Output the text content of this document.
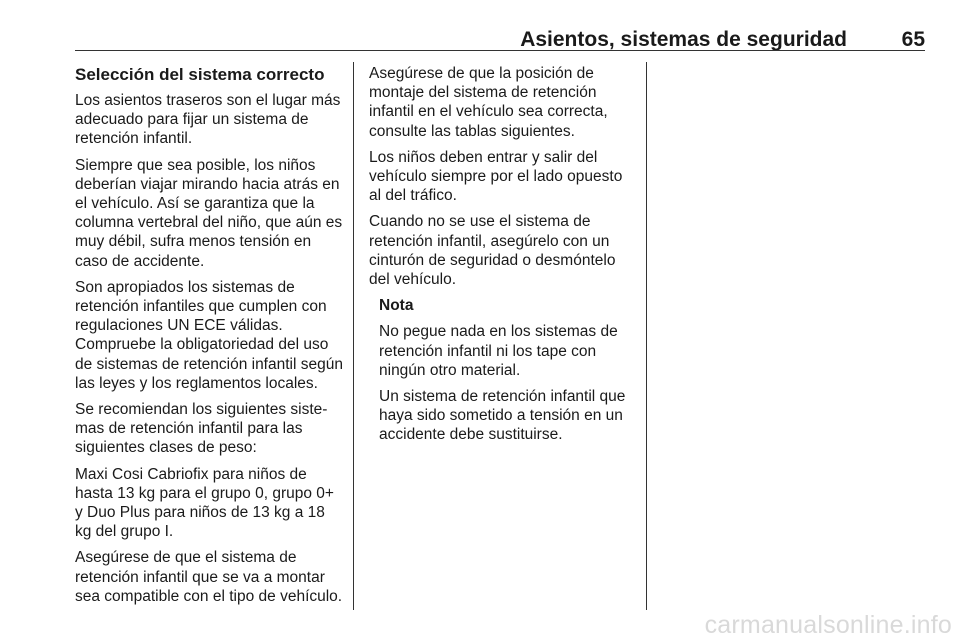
Asientos, sistemas de seguridad	65
Selección del sistema correcto

Los asientos traseros son el lugar más adecuado para fijar un sistema de retención infantil.

Siempre que sea posible, los niños deberían viajar mirando hacia atrás en el vehículo. Así se garantiza que la columna vertebral del niño, que aún es muy débil, sufra menos tensión en caso de accidente.

Son apropiados los sistemas de retención infantiles que cumplen con regulaciones UN ECE válidas. Compruebe la obligatoriedad del uso de sistemas de retención infantil según las leyes y los reglamentos locales.

Se recomiendan los siguientes siste‐mas de retención infantil para las siguientes clases de peso:

Maxi Cosi Cabriofix para niños de hasta 13 kg para el grupo 0, grupo 0+ y Duo Plus para niños de 13 kg a 18 kg del grupo I.

Asegúrese de que el sistema de retención infantil que se va a montar sea compatible con el tipo de vehículo.

Asegúrese de que la posición de montaje del sistema de retención infantil en el vehículo sea correcta, consulte las tablas siguientes.

Los niños deben entrar y salir del vehículo siempre por el lado opuesto al del tráfico.

Cuando no se use el sistema de retención infantil, asegúrelo con un cinturón de seguridad o desmóntelo del vehículo.

Nota

No pegue nada en los sistemas de retención infantil ni los tape con ningún otro material.

Un sistema de retención infantil que haya sido sometido a tensión en un accidente debe sustituirse.

carmanualsonline.info
